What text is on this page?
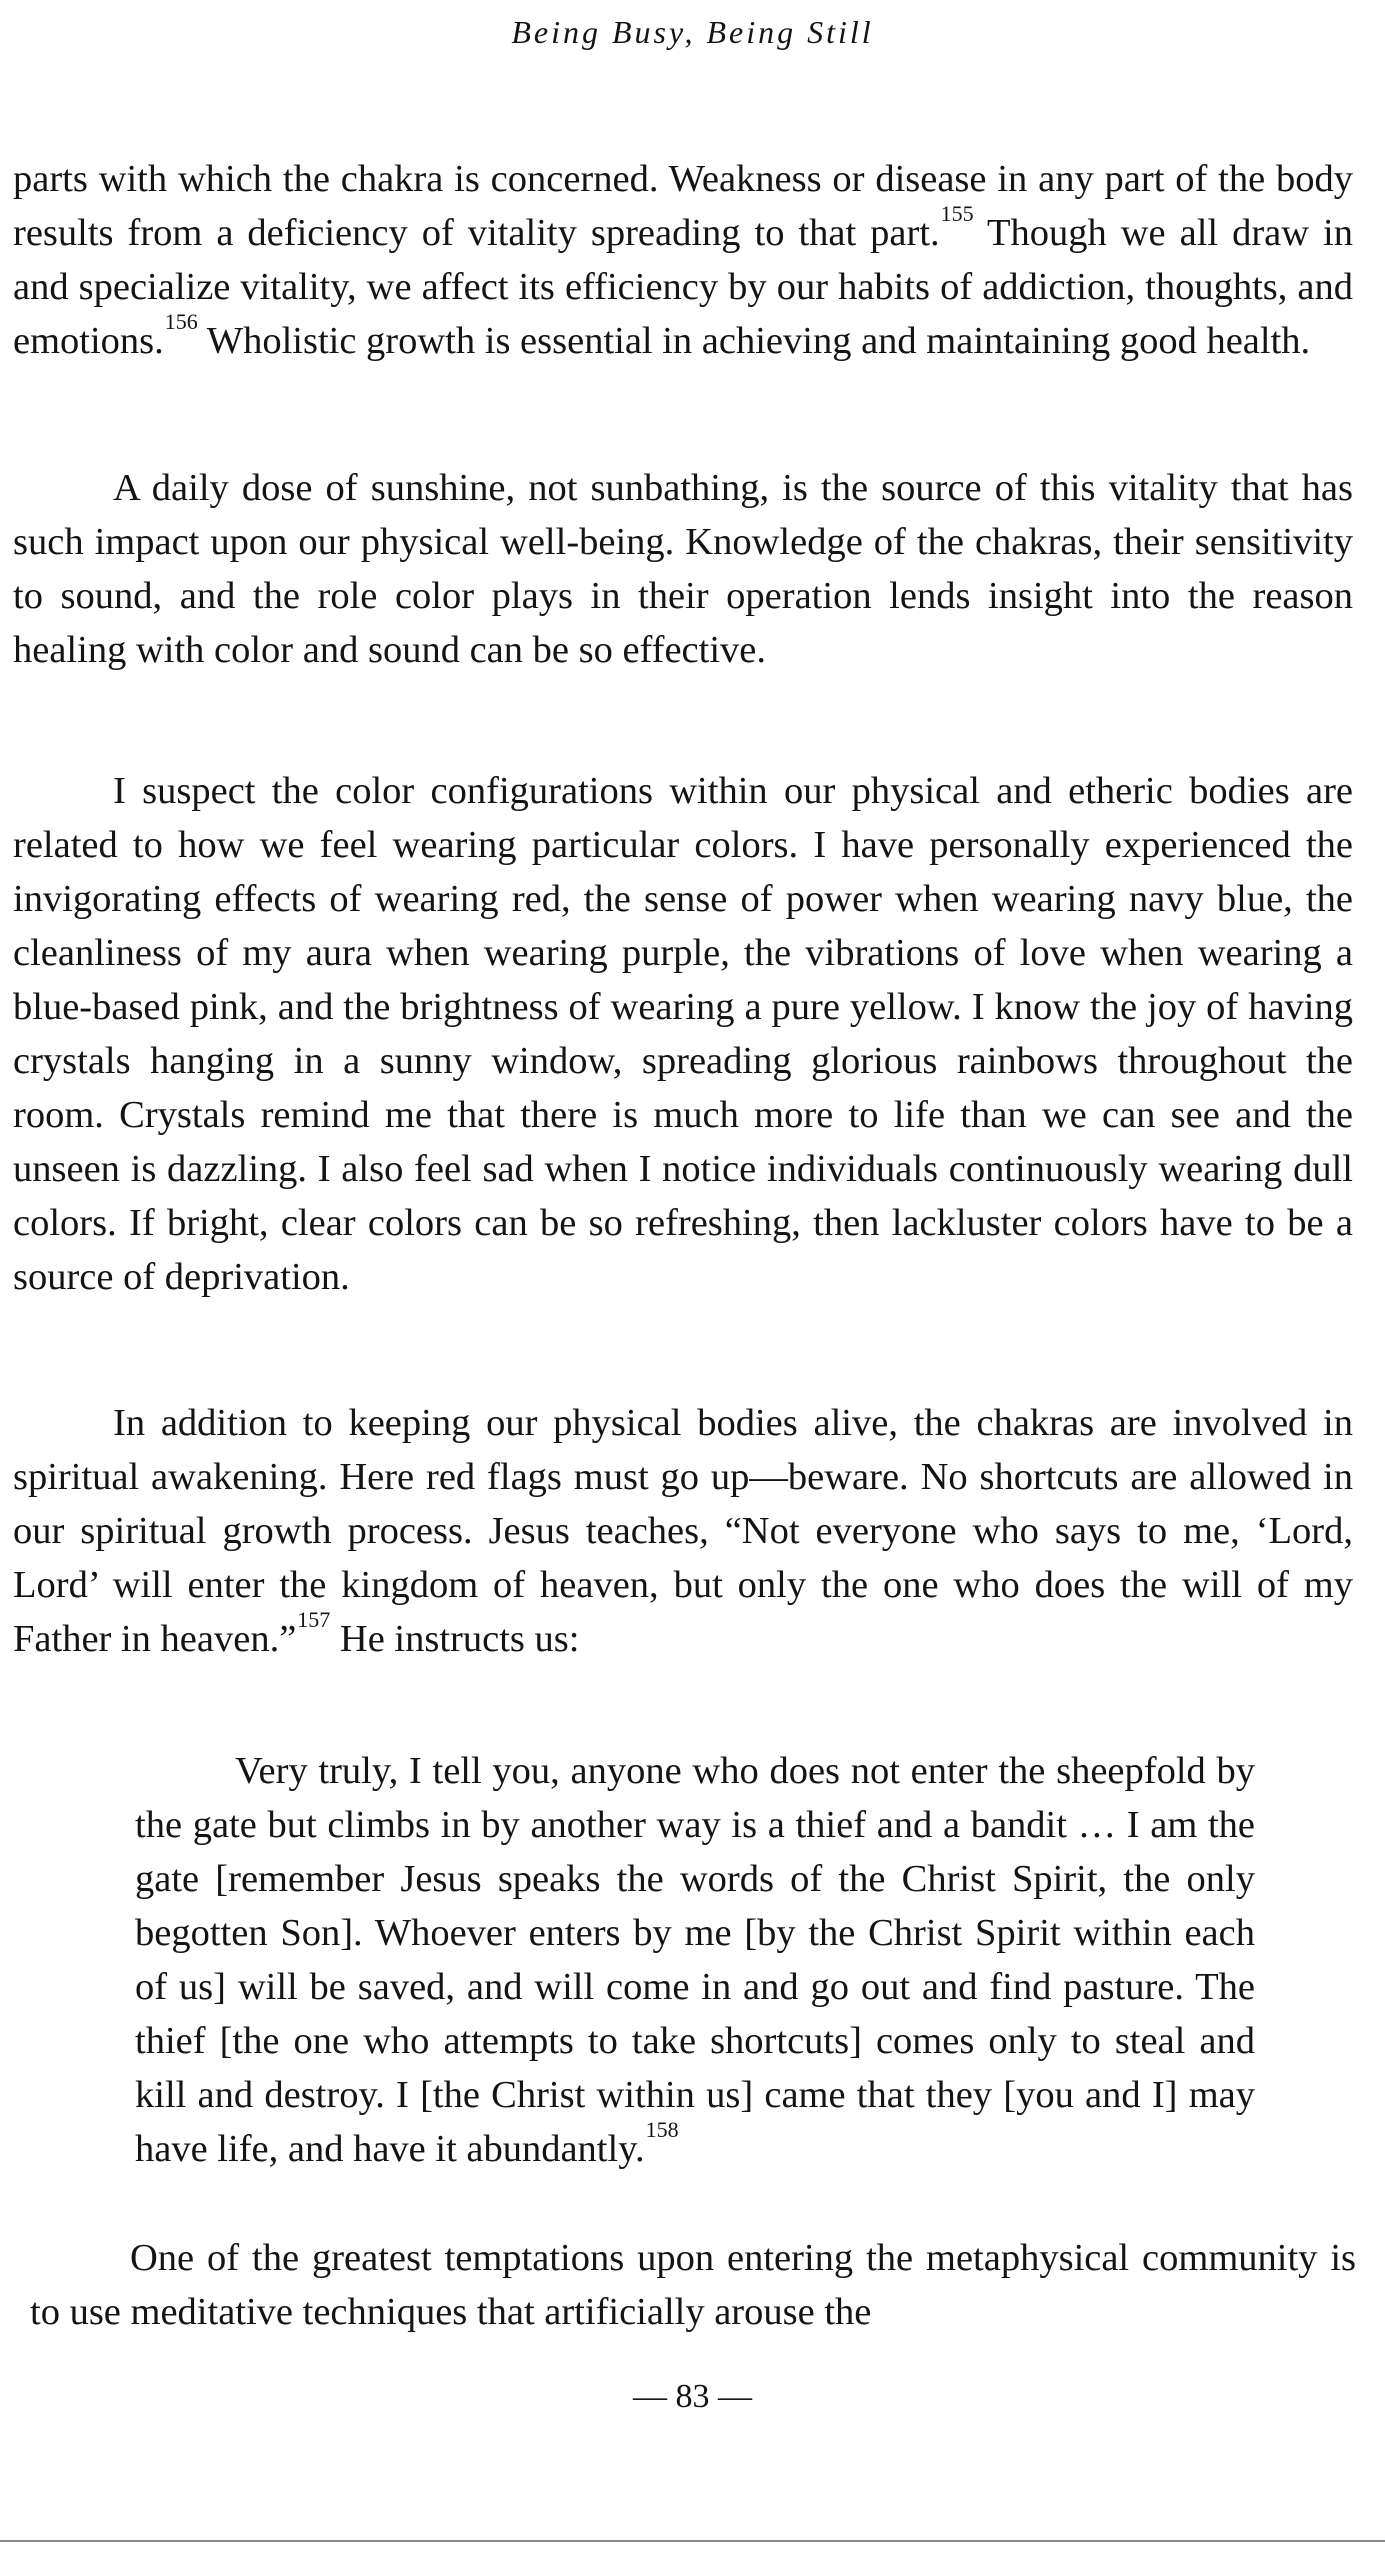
Being Busy, Being Still

parts with which the chakra is concerned. Weakness or disease in any part of the body results from a deficiency of vitality spreading to that part.$^{155}$ Though we all draw in and specialize vitality, we affect its efficiency by our habits of addiction, thoughts, and emotions.$^{156}$ Wholistic growth is essential in achieving and maintaining good health.

A daily dose of sunshine, not sunbathing, is the source of this vitality that has such impact upon our physical well-being. Knowledge of the chakras, their sensitivity to sound, and the role color plays in their operation lends insight into the reason healing with color and sound can be so effective.

I suspect the color configurations within our physical and etheric bodies are related to how we feel wearing particular colors. I have personally experienced the invigorating effects of wearing red, the sense of power when wearing navy blue, the cleanliness of my aura when wearing purple, the vibrations of love when wearing a blue-based pink, and the brightness of wearing a pure yellow. I know the joy of having crystals hanging in a sunny window, spreading glorious rainbows throughout the room. Crystals remind me that there is much more to life than we can see and the unseen is dazzling. I also feel sad when I notice individuals continuously wearing dull colors. If bright, clear colors can be so refreshing, then lackluster colors have to be a source of deprivation.

In addition to keeping our physical bodies alive, the chakras are involved in spiritual awakening. Here red flags must go up—beware. No shortcuts are allowed in our spiritual growth process. Jesus teaches, “Not everyone who says to me, ‘Lord, Lord’ will enter the kingdom of heaven, but only the one who does the will of my Father in heaven.”$^{157}$ He instructs us:

Very truly, I tell you, anyone who does not enter the sheepfold by the gate but climbs in by another way is a thief and a bandit … I am the gate [remember Jesus speaks the words of the Christ Spirit, the only begotten Son]. Whoever enters by me [by the Christ Spirit within each of us] will be saved, and will come in and go out and find pasture. The thief [the one who attempts to take shortcuts] comes only to steal and kill and destroy. I [the Christ within us] came that they [you and I] may have life, and have it abundantly.$^{158}$

One of the greatest temptations upon entering the metaphysical community is to use meditative techniques that artificially arouse the

— 83 —
